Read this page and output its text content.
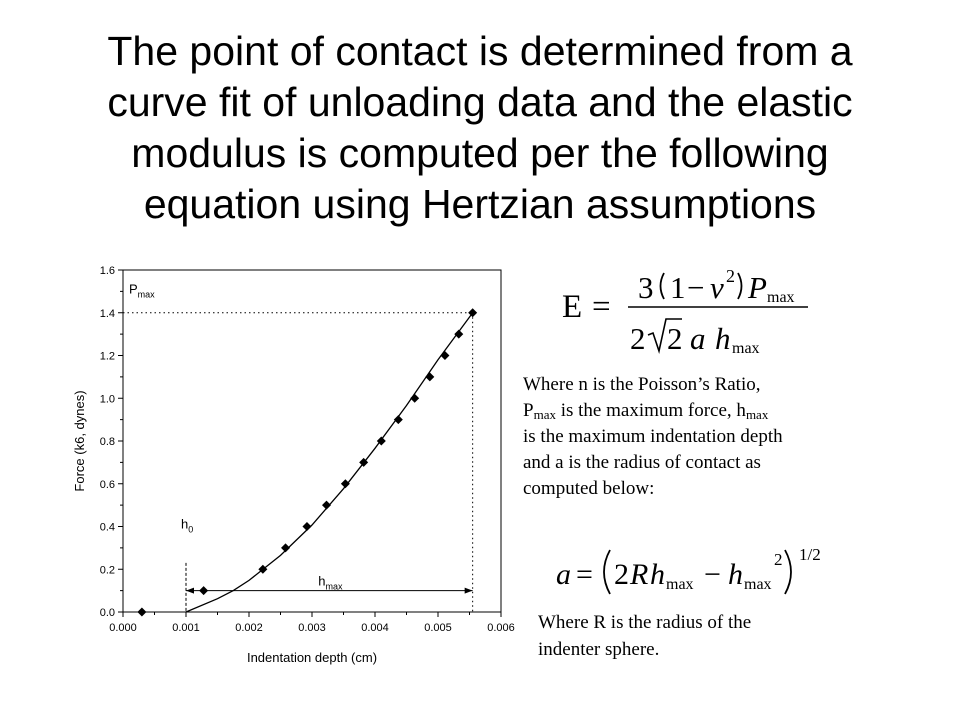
The point of contact is determined from a
curve fit of unloading data and the elastic
modulus is computed per the following
equation using Hertzian assumptions
0.000	0.001	0.002	0.003	0.004	0.005	0.006
0.0
0.2
0.4
0.6
0.8
1.0
1.2
1.4
1.6
Indentation depth (cm)
Force (k6, dynes)
$P_{max}$
$h_0$
$h_{max}$
E =
3 1 − ν 2 P max
2 2 a h max
Where n is the Poisson’s Ratio,
$P_{max}$ is the maximum force, $h_{max}$
is the maximum indentation depth
and a is the radius of contact as
computed below:
a = 2 R h max − h max
2 1/2
Where R is the radius of the
indenter sphere.
